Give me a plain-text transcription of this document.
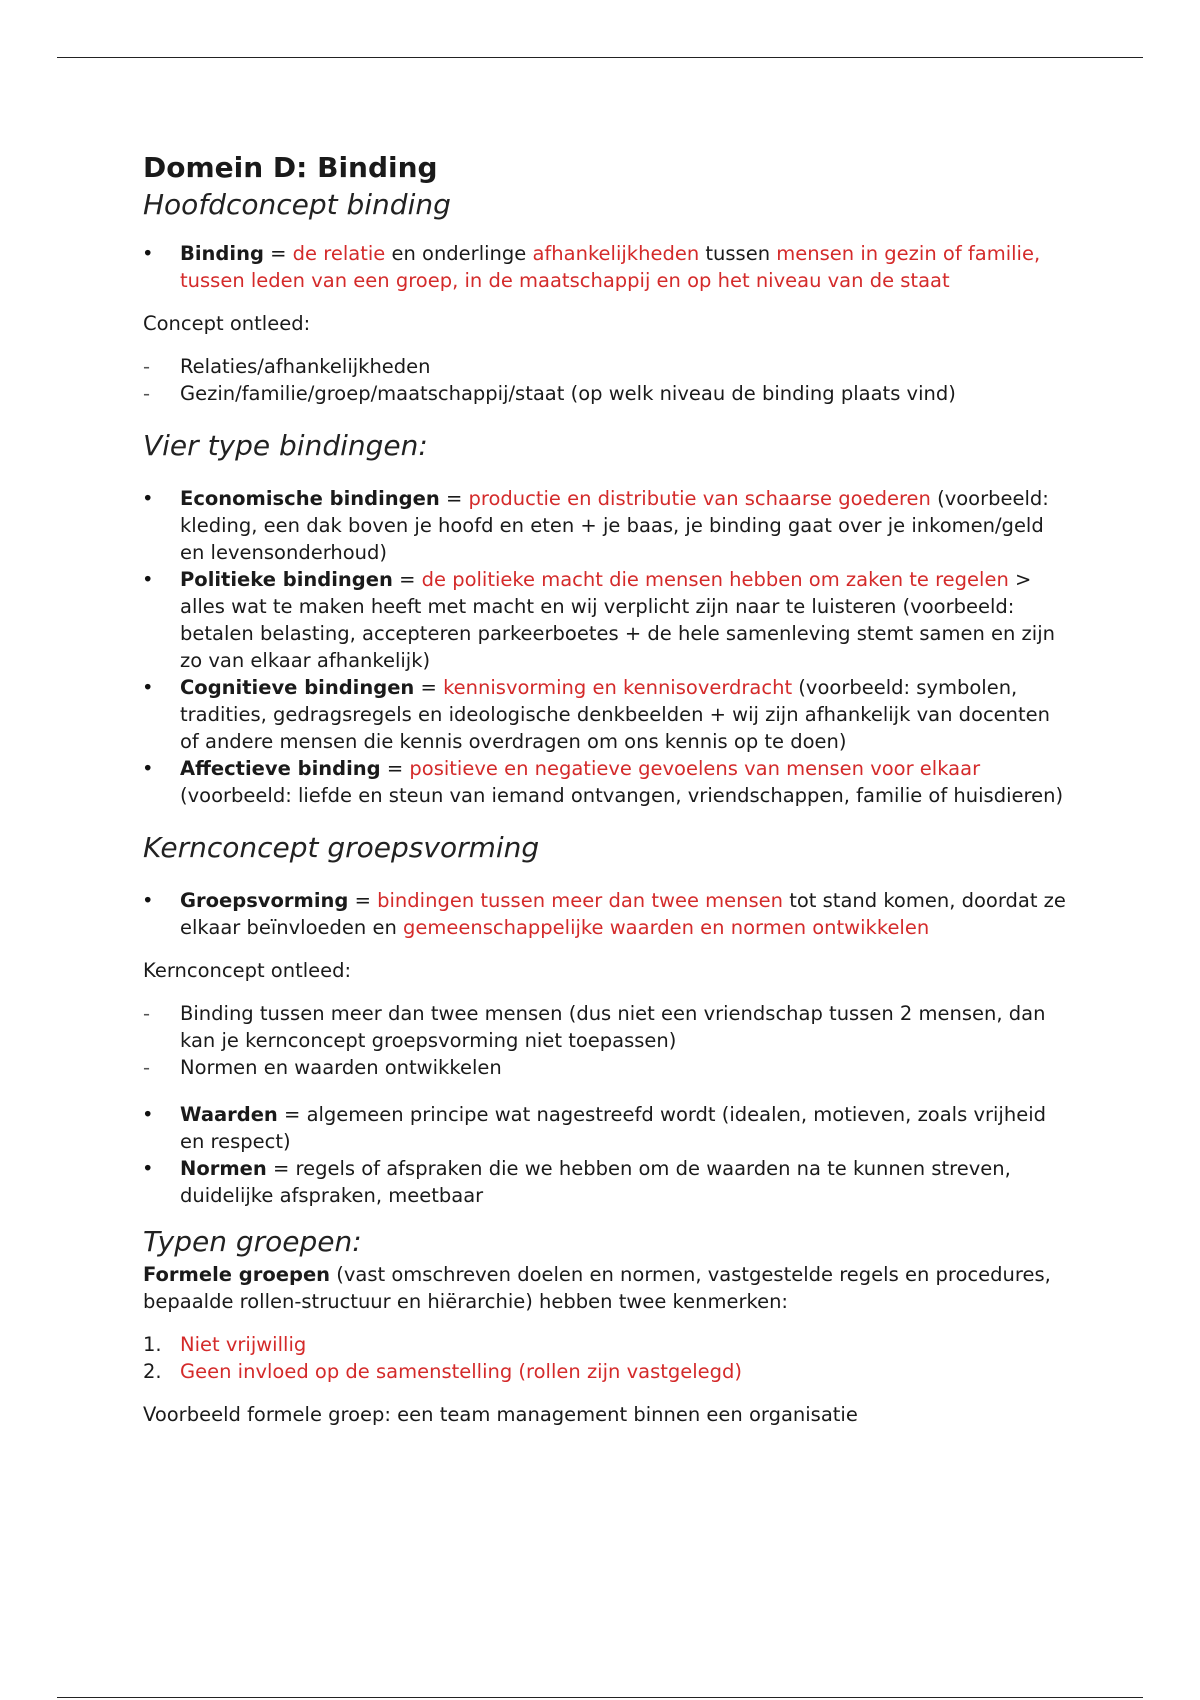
Domein D: Binding
Hoofdconcept binding
• Binding = de relatie en onderlinge afhankelijkheden tussen mensen in gezin of familie, tussen leden van een groep, in de maatschappij en op het niveau van de staat

Concept ontleed:

- Relaties/afhankelijkheden
- Gezin/familie/groep/maatschappij/staat (op welk niveau de binding plaats vind)
Vier type bindingen:
• Economische bindingen = productie en distributie van schaarse goederen (voorbeeld: kleding, een dak boven je hoofd en eten + je baas, je binding gaat over je inkomen/geld en levensonderhoud)
• Politieke bindingen = de politieke macht die mensen hebben om zaken te regelen > alles wat te maken heeft met macht en wij verplicht zijn naar te luisteren (voorbeeld: betalen belasting, accepteren parkeerboetes + de hele samenleving stemt samen en zijn zo van elkaar afhankelijk)
• Cognitieve bindingen = kennisvorming en kennisoverdracht (voorbeeld: symbolen, tradities, gedragsregels en ideologische denkbeelden + wij zijn afhankelijk van docenten of andere mensen die kennis overdragen om ons kennis op te doen)
• Affectieve binding = positieve en negatieve gevoelens van mensen voor elkaar (voorbeeld: liefde en steun van iemand ontvangen, vriendschappen, familie of huisdieren)
Kernconcept groepsvorming
• Groepsvorming = bindingen tussen meer dan twee mensen tot stand komen, doordat ze elkaar beïnvloeden en gemeenschappelijke waarden en normen ontwikkelen

Kernconcept ontleed:

- Binding tussen meer dan twee mensen (dus niet een vriendschap tussen 2 mensen, dan kan je kernconcept groepsvorming niet toepassen)
- Normen en waarden ontwikkelen
• Waarden = algemeen principe wat nagestreefd wordt (idealen, motieven, zoals vrijheid en respect)
• Normen = regels of afspraken die we hebben om de waarden na te kunnen streven, duidelijke afspraken, meetbaar
Typen groepen:

Formele groepen (vast omschreven doelen en normen, vastgestelde regels en procedures, bepaalde rollen-structuur en hiërarchie) hebben twee kenmerken:

1. Niet vrijwillig
2. Geen invloed op de samenstelling (rollen zijn vastgelegd)

Voorbeeld formele groep: een team management binnen een organisatie
